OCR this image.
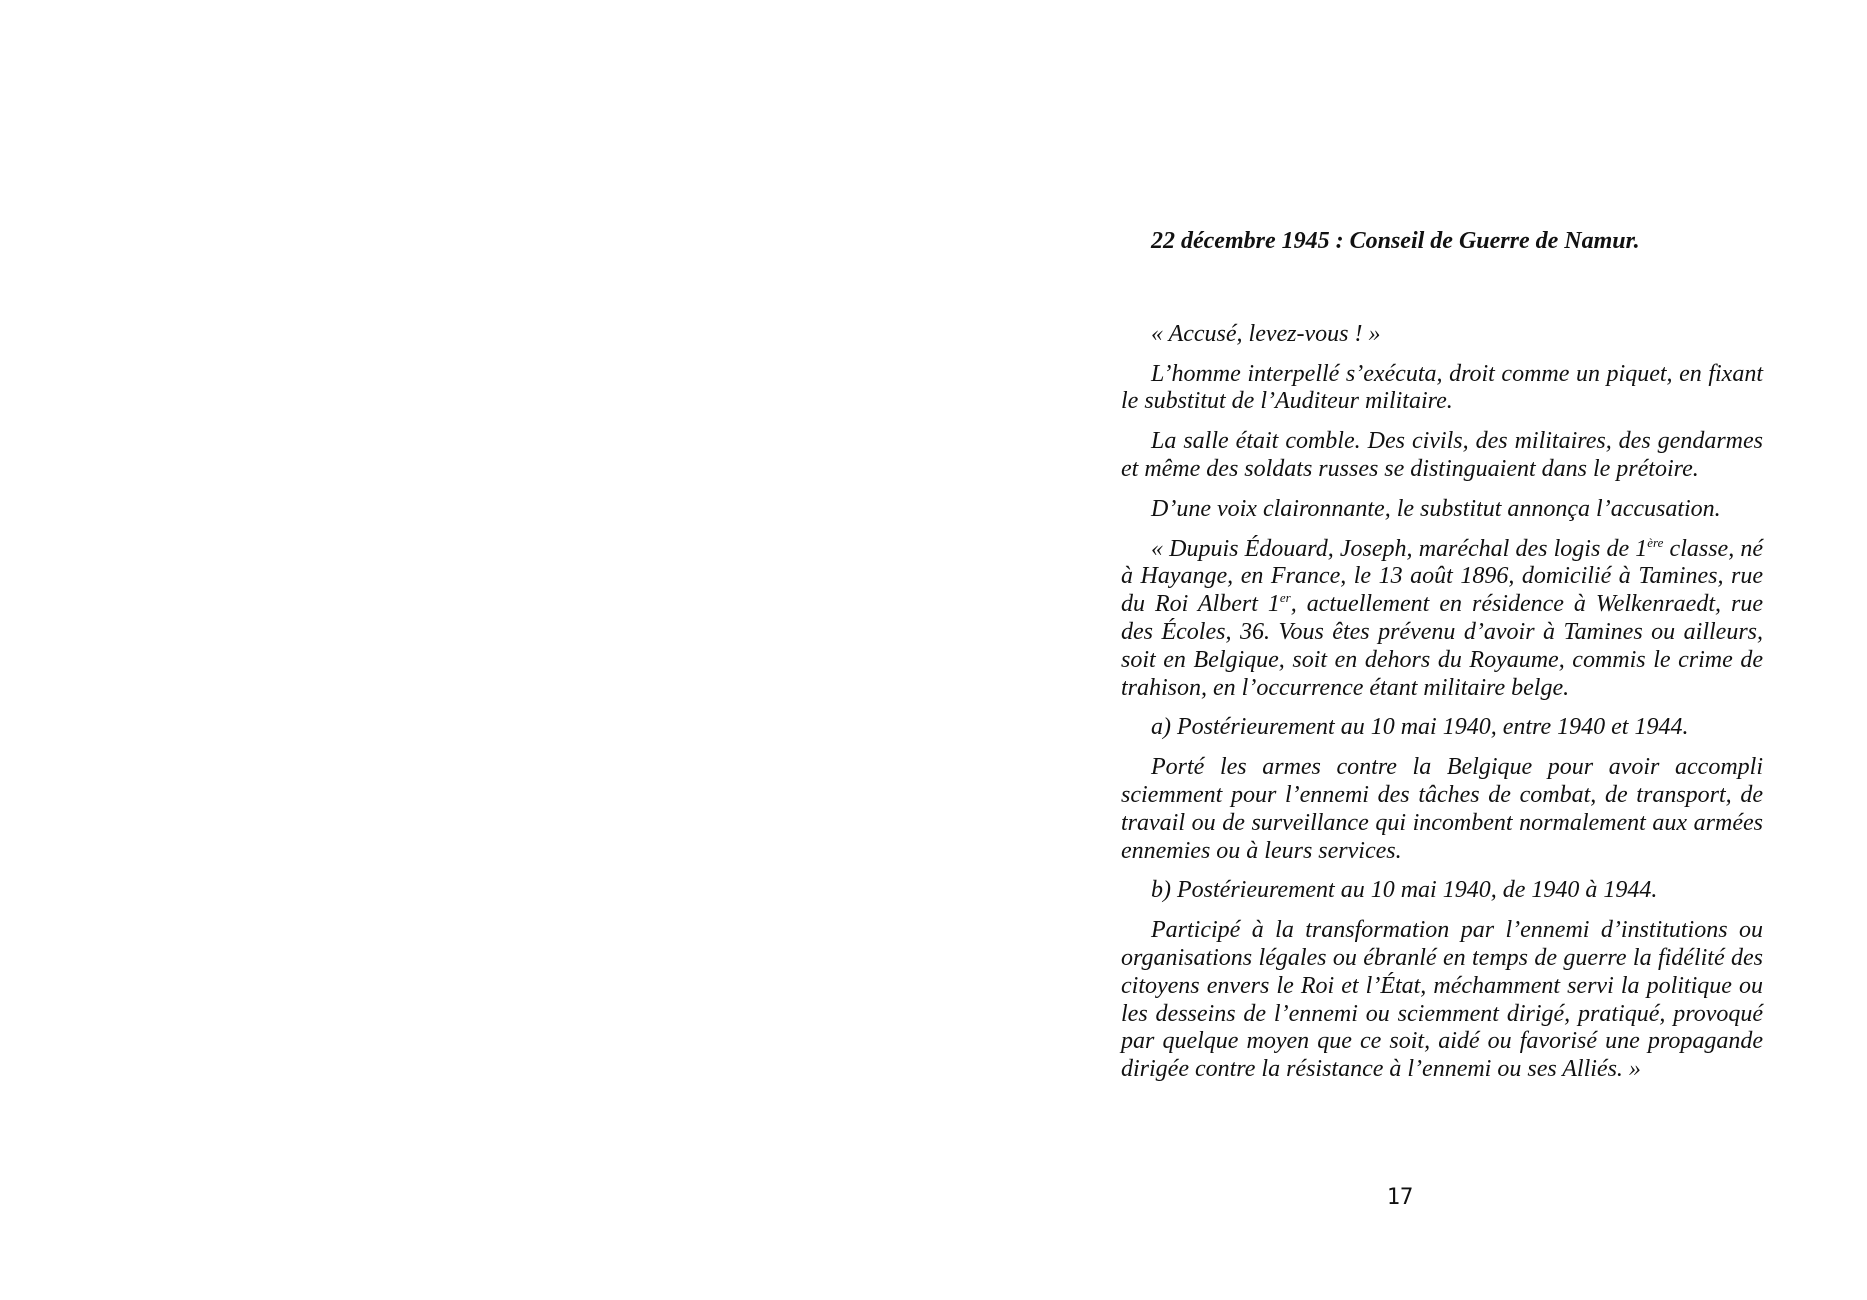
22 décembre 1945 : Conseil de Guerre de Namur.

« Accusé, levez-vous ! »

L’homme interpellé s’exécuta, droit comme un piquet, en fixant le substitut de l’Auditeur militaire.

La salle était comble. Des civils, des militaires, des gendarmes et même des soldats russes se distinguaient dans le prétoire.

D’une voix claironnante, le substitut annonça l’accusation.

« Dupuis Édouard, Joseph, maréchal des logis de 1ère classe, né à Hayange, en France, le 13 août 1896, domicilié à Tamines, rue du Roi Albert 1er, actuellement en résidence à Welkenraedt, rue des Écoles, 36. Vous êtes prévenu d’avoir à Tamines ou ailleurs, soit en Belgique, soit en dehors du Royaume, commis le crime de trahison, en l’occurrence étant militaire belge.

a) Postérieurement au 10 mai 1940, entre 1940 et 1944.

Porté les armes contre la Belgique pour avoir accompli sciemment pour l’ennemi des tâches de combat, de transport, de travail ou de surveillance qui incombent normalement aux armées ennemies ou à leurs services.

b) Postérieurement au 10 mai 1940, de 1940 à 1944.

Participé à la transformation par l’ennemi d’institutions ou organisations légales ou ébranlé en temps de guerre la fidélité des citoyens envers le Roi et l’État, méchamment servi la politique ou les desseins de l’ennemi ou sciemment dirigé, pratiqué, provoqué par quelque moyen que ce soit, aidé ou favorisé une propagande dirigée contre la résistance à l’ennemi ou ses Alliés. »

17
